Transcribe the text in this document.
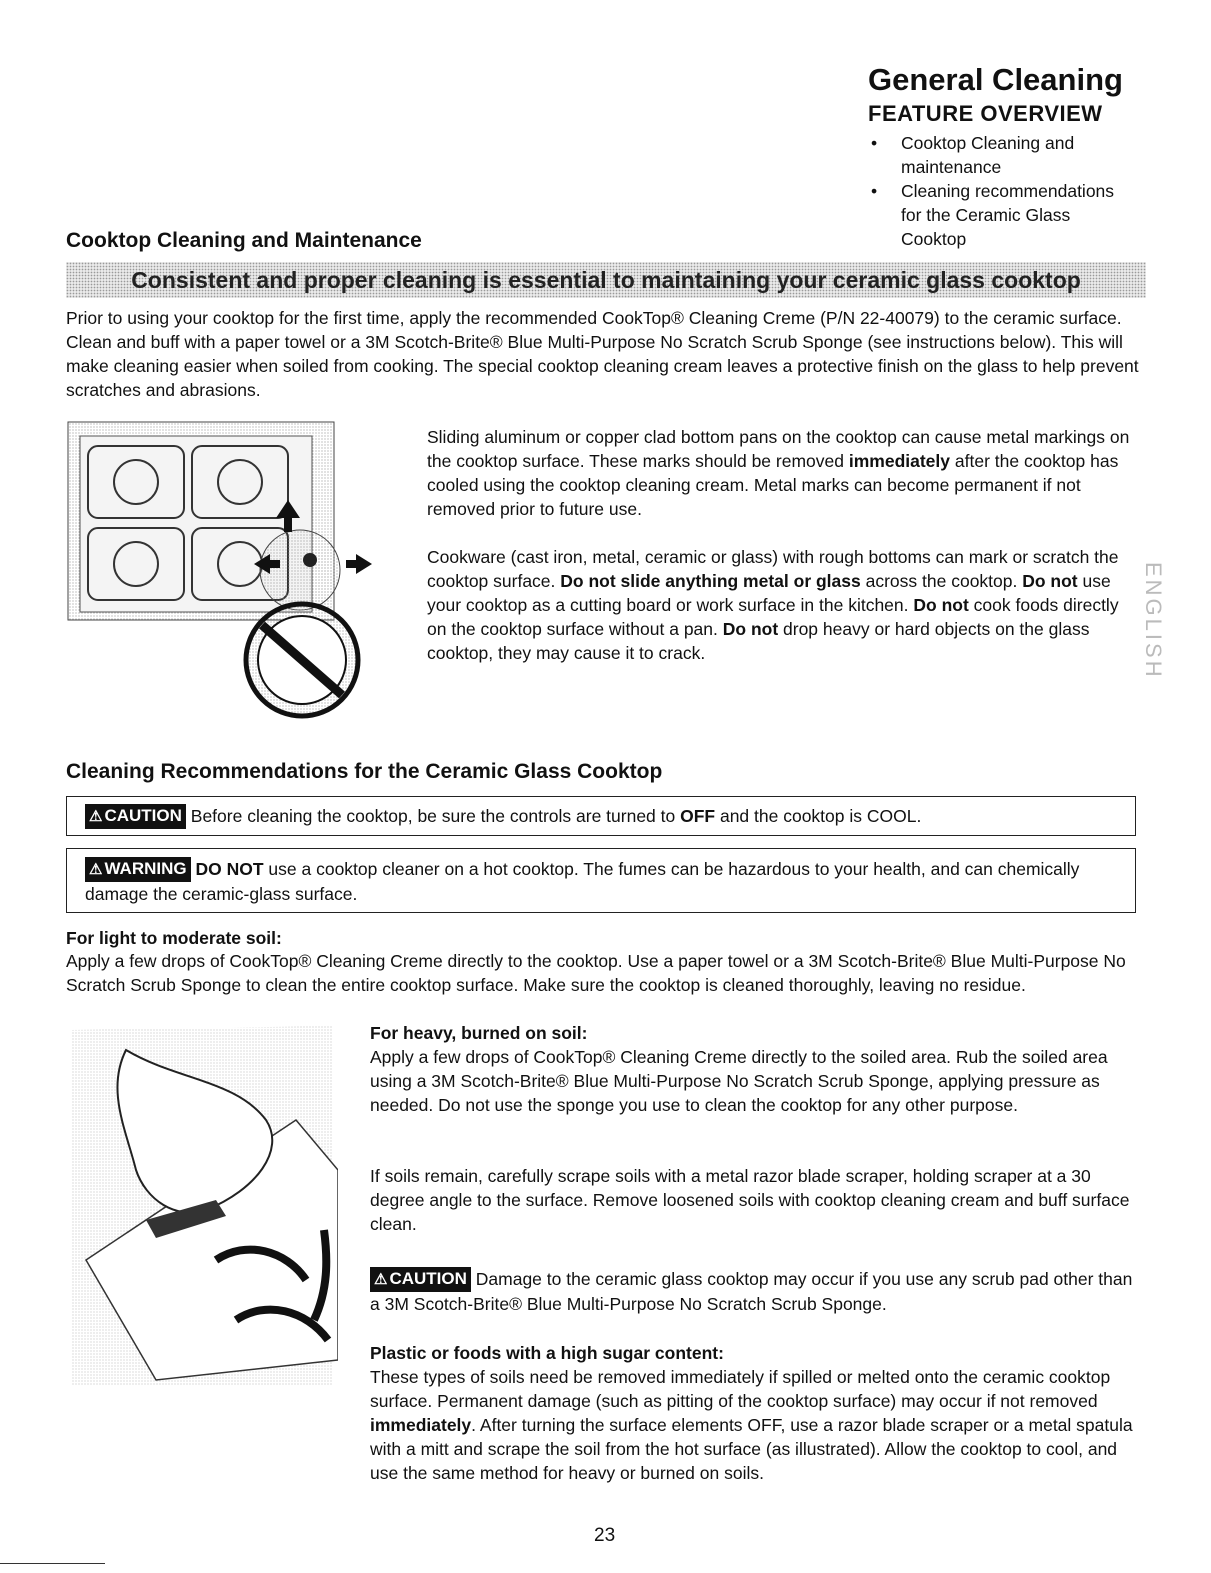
General Cleaning
FEATURE OVERVIEW
• Cooktop Cleaning and maintenance
• Cleaning recommendations for the Ceramic Glass Cooktop
Cooktop Cleaning and Maintenance
Consistent and proper cleaning is essential to maintaining your ceramic glass cooktop

Prior to using your cooktop for the first time, apply the recommended CookTop® Cleaning Creme (P/N 22-40079) to the ceramic surface. Clean and buff with a paper towel or a 3M Scotch-Brite® Blue Multi-Purpose No Scratch Scrub Sponge (see instructions below). This will make cleaning easier when soiled from cooking. The special cooktop cleaning cream leaves a protective finish on the glass to help prevent scratches and abrasions.

Sliding aluminum or copper clad bottom pans on the cooktop can cause metal markings on the cooktop surface. These marks should be removed immediately after the cooktop has cooled using the cooktop cleaning cream. Metal marks can become permanent if not removed prior to future use.

Cookware (cast iron, metal, ceramic or glass) with rough bottoms can mark or scratch the cooktop surface. Do not slide anything metal or glass across the cooktop. Do not use your cooktop as a cutting board or work surface in the kitchen. Do not cook foods directly on the cooktop surface without a pan. Do not drop heavy or hard objects on the glass cooktop, they may cause it to crack.	ENGLISH
Cleaning Recommendations for the Ceramic Glass Cooktop
⚠ CAUTION Before cleaning the cooktop, be sure the controls are turned to OFF and the cooktop is COOL.
⚠ WARNING DO NOT use a cooktop cleaner on a hot cooktop. The fumes can be hazardous to your health, and can chemically damage the ceramic-glass surface.
For light to moderate soil:

Apply a few drops of CookTop® Cleaning Creme directly to the cooktop. Use a paper towel or a 3M Scotch-Brite® Blue Multi-Purpose No Scratch Scrub Sponge to clean the entire cooktop surface. Make sure the cooktop is cleaned thoroughly, leaving no residue.

For heavy, burned on soil:

Apply a few drops of CookTop® Cleaning Creme directly to the soiled area. Rub the soiled area using a 3M Scotch-Brite® Blue Multi-Purpose No Scratch Scrub Sponge, applying pressure as needed. Do not use the sponge you use to clean the cooktop for any other purpose.

If soils remain, carefully scrape soils with a metal razor blade scraper, holding scraper at a 30 degree angle to the surface. Remove loosened soils with cooktop cleaning cream and buff surface clean.

⚠ CAUTION Damage to the ceramic glass cooktop may occur if you use any scrub pad other than a 3M Scotch-Brite® Blue Multi-Purpose No Scratch Scrub Sponge.

Plastic or foods with a high sugar content:

These types of soils need be removed immediately if spilled or melted onto the ceramic cooktop surface. Permanent damage (such as pitting of the cooktop surface) may occur if not removed immediately. After turning the surface elements OFF, use a razor blade scraper or a metal spatula with a mitt and scrape the soil from the hot surface (as illustrated). Allow the cooktop to cool, and use the same method for heavy or burned on soils.

23
